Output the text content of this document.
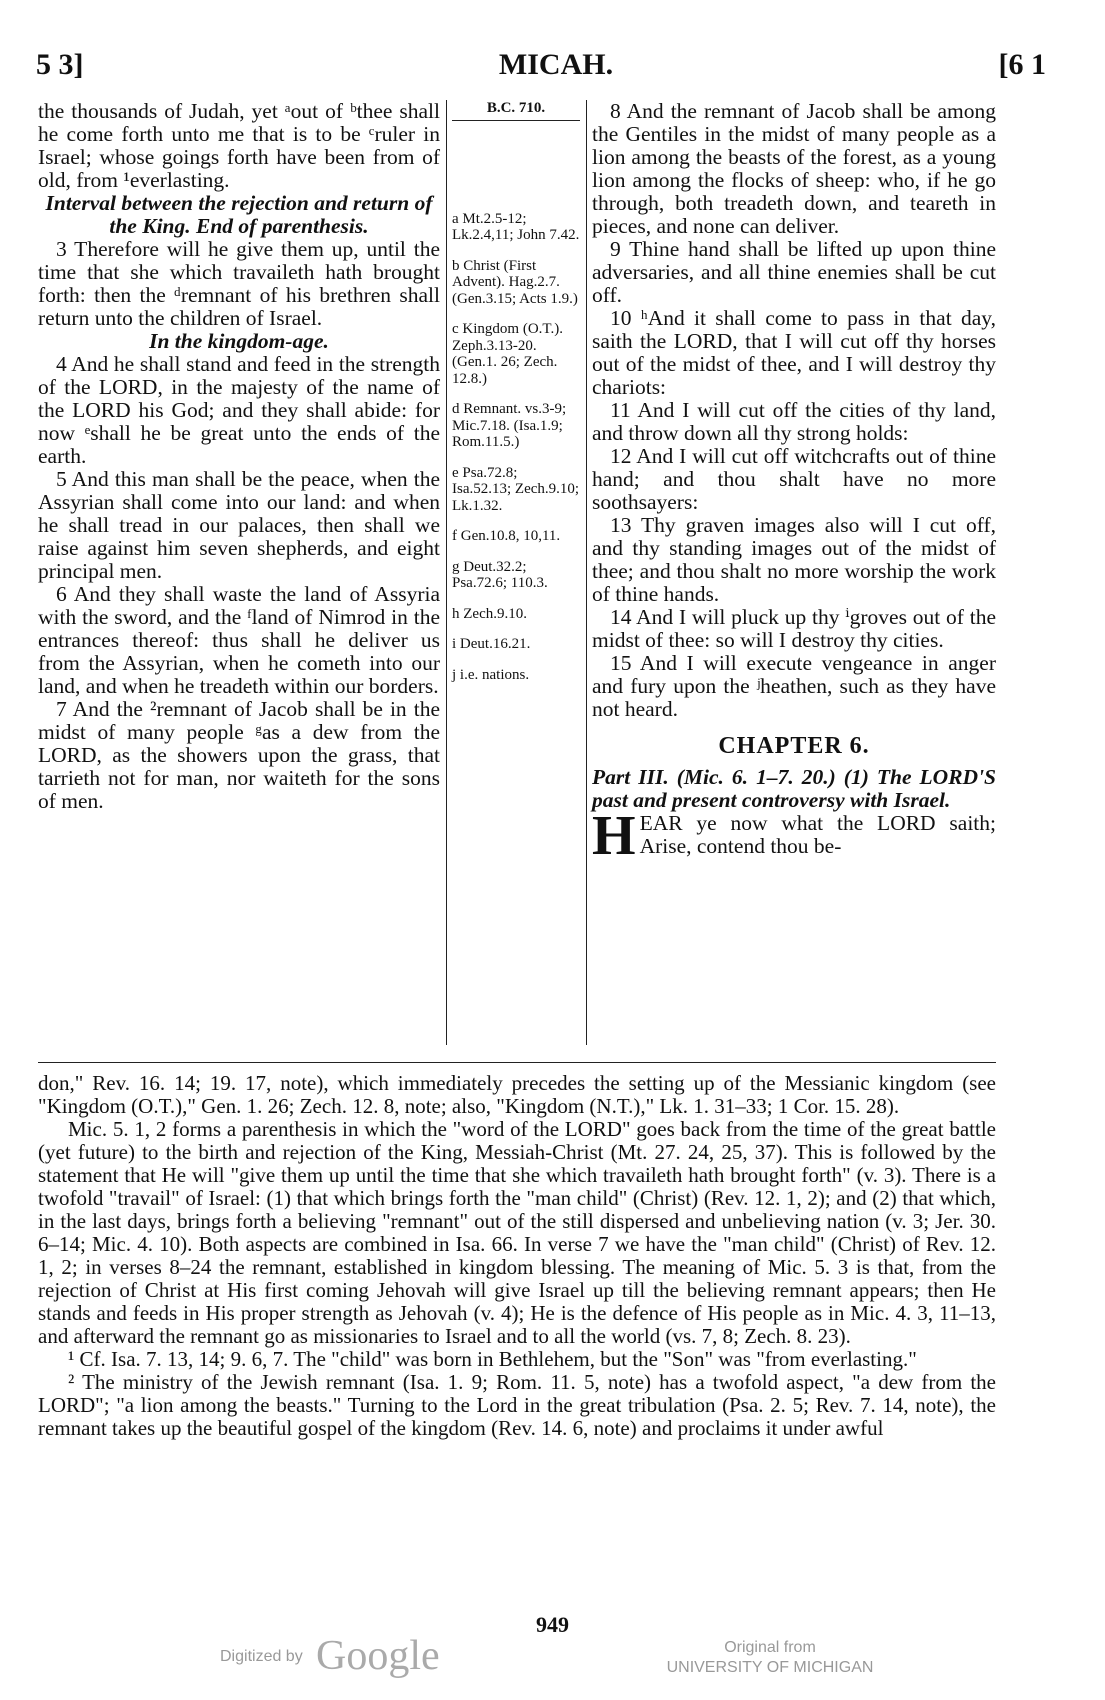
5 3]	MICAH.	[6 1

the thousands of Judah, yet ᵃout of ᵇthee shall he come forth unto me that is to be ᶜruler in Israel; whose goings forth have been from of old, from ¹everlasting.

Interval between the rejection and return of the King. End of parenthesis.

3 Therefore will he give them up, until the time that she which travaileth hath brought forth: then the ᵈremnant of his brethren shall return unto the children of Israel.

In the kingdom-age.

4 And he shall stand and feed in the strength of the LORD, in the majesty of the name of the LORD his God; and they shall abide: for now ᵉshall he be great unto the ends of the earth.

5 And this man shall be the peace, when the Assyrian shall come into our land: and when he shall tread in our palaces, then shall we raise against him seven shepherds, and eight principal men.

6 And they shall waste the land of Assyria with the sword, and the ᶠland of Nimrod in the entrances thereof: thus shall he deliver us from the Assyrian, when he cometh into our land, and when he treadeth within our borders.

7 And the ²remnant of Jacob shall be in the midst of many people ᵍas a dew from the LORD, as the showers upon the grass, that tarrieth not for man, nor waiteth for the sons of men.

B.C. 710.
a Mt.2.5-12; Lk.2.4,11; John 7.42.
b Christ (First Advent). Hag.2.7. (Gen.3.15; Acts 1.9.)
c Kingdom (O.T.). Zeph.3.13-20. (Gen.1. 26; Zech. 12.8.)
d Remnant. vs.3-9; Mic.7.18. (Isa.1.9; Rom.11.5.)
e Psa.72.8; Isa.52.13; Zech.9.10; Lk.1.32.
f Gen.10.8, 10,11.
g Deut.32.2; Psa.72.6; 110.3.
h Zech.9.10.
i Deut.16.21.
j i.e. nations.

8 And the remnant of Jacob shall be among the Gentiles in the midst of many people as a lion among the beasts of the forest, as a young lion among the flocks of sheep: who, if he go through, both treadeth down, and teareth in pieces, and none can deliver.

9 Thine hand shall be lifted up upon thine adversaries, and all thine enemies shall be cut off.

10 ʰAnd it shall come to pass in that day, saith the LORD, that I will cut off thy horses out of the midst of thee, and I will destroy thy chariots:

11 And I will cut off the cities of thy land, and throw down all thy strong holds:

12 And I will cut off witchcrafts out of thine hand; and thou shalt have no more soothsayers:

13 Thy graven images also will I cut off, and thy standing images out of the midst of thee; and thou shalt no more worship the work of thine hands.

14 And I will pluck up thy ⁱgroves out of the midst of thee: so will I destroy thy cities.

15 And I will execute vengeance in anger and fury upon the ʲheathen, such as they have not heard.

CHAPTER 6.

Part III. (Mic. 6. 1–7. 20.) (1) The LORD'S past and present controversy with Israel.

H EAR ye now what the LORD saith; Arise, contend thou be-

don," Rev. 16. 14; 19. 17, note), which immediately precedes the setting up of the Messianic kingdom (see "Kingdom (O.T.)," Gen. 1. 26; Zech. 12. 8, note; also, "Kingdom (N.T.)," Lk. 1. 31–33; 1 Cor. 15. 28).

Mic. 5. 1, 2 forms a parenthesis in which the "word of the LORD" goes back from the time of the great battle (yet future) to the birth and rejection of the King, Messiah-Christ (Mt. 27. 24, 25, 37). This is followed by the statement that He will "give them up until the time that she which travaileth hath brought forth" (v. 3). There is a twofold "travail" of Israel: (1) that which brings forth the "man child" (Christ) (Rev. 12. 1, 2); and (2) that which, in the last days, brings forth a believing "remnant" out of the still dispersed and unbelieving nation (v. 3; Jer. 30. 6–14; Mic. 4. 10). Both aspects are combined in Isa. 66. In verse 7 we have the "man child" (Christ) of Rev. 12. 1, 2; in verses 8–24 the remnant, established in kingdom blessing. The meaning of Mic. 5. 3 is that, from the rejection of Christ at His first coming Jehovah will give Israel up till the believing remnant appears; then He stands and feeds in His proper strength as Jehovah (v. 4); He is the defence of His people as in Mic. 4. 3, 11–13, and afterward the remnant go as missionaries to Israel and to all the world (vs. 7, 8; Zech. 8. 23).

¹ Cf. Isa. 7. 13, 14; 9. 6, 7. The "child" was born in Bethlehem, but the "Son" was "from everlasting."

² The ministry of the Jewish remnant (Isa. 1. 9; Rom. 11. 5, note) has a twofold aspect, "a dew from the LORD"; "a lion among the beasts." Turning to the Lord in the great tribulation (Psa. 2. 5; Rev. 7. 14, note), the remnant takes up the beautiful gospel of the kingdom (Rev. 14. 6, note) and proclaims it under awful

949
Digitized by Google	Original from
UNIVERSITY OF MICHIGAN
